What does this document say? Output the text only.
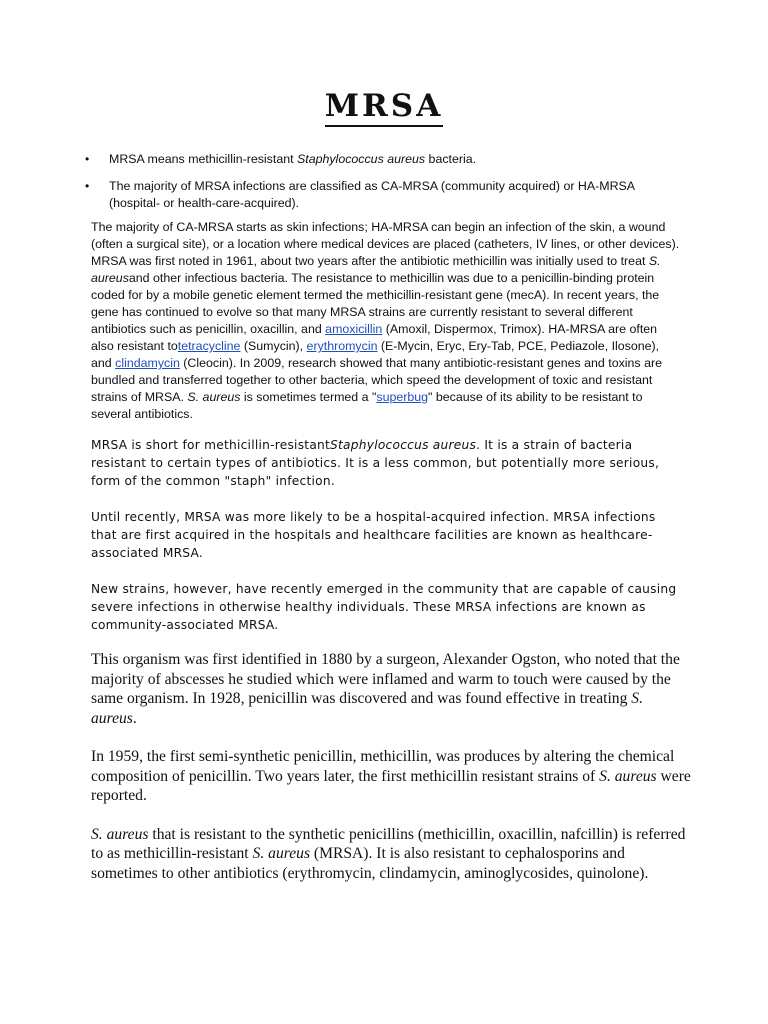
MRSA
• MRSA means methicillin-resistant Staphylococcus aureus bacteria.
• The majority of MRSA infections are classified as CA-MRSA (community acquired) or HA-MRSA (hospital- or health-care-acquired).

The majority of CA-MRSA starts as skin infections; HA-MRSA can begin an infection of the skin, a wound (often a surgical site), or a location where medical devices are placed (catheters, IV lines, or other devices).

MRSA was first noted in 1961, about two years after the antibiotic methicillin was initially used to treat S. aureusand other infectious bacteria. The resistance to methicillin was due to a penicillin-binding protein coded for by a mobile genetic element termed the methicillin-resistant gene (mecA). In recent years, the gene has continued to evolve so that many MRSA strains are currently resistant to several different antibiotics such as penicillin, oxacillin, and amoxicillin (Amoxil, Dispermox, Trimox). HA-MRSA are often also resistant totetracycline (Sumycin), erythromycin (E-Mycin, Eryc, Ery-Tab, PCE, Pediazole, Ilosone), and clindamycin (Cleocin). In 2009, research showed that many antibiotic-resistant genes and toxins are bundled and transferred together to other bacteria, which speed the development of toxic and resistant strains of MRSA. S. aureus is sometimes termed a "superbug" because of its ability to be resistant to several antibiotics.

MRSA is short for methicillin-resistantStaphylococcus aureus. It is a strain of bacteria resistant to certain types of antibiotics. It is a less common, but potentially more serious, form of the common "staph" infection.

Until recently, MRSA was more likely to be a hospital-acquired infection. MRSA infections that are first acquired in the hospitals and healthcare facilities are known as healthcare-associated MRSA.

New strains, however, have recently emerged in the community that are capable of causing severe infections in otherwise healthy individuals. These MRSA infections are known as community-associated MRSA.

This organism was first identified in 1880 by a surgeon, Alexander Ogston, who noted that the majority of abscesses he studied which were inflamed and warm to touch were caused by the same organism. In 1928, penicillin was discovered and was found effective in treating S. aureus.

In 1959, the first semi-synthetic penicillin, methicillin, was produces by altering the chemical composition of penicillin. Two years later, the first methicillin resistant strains of S. aureus were reported.

S. aureus that is resistant to the synthetic penicillins (methicillin, oxacillin, nafcillin) is referred to as methicillin-resistant S. aureus (MRSA). It is also resistant to cephalosporins and sometimes to other antibiotics (erythromycin, clindamycin, aminoglycosides, quinolone).
